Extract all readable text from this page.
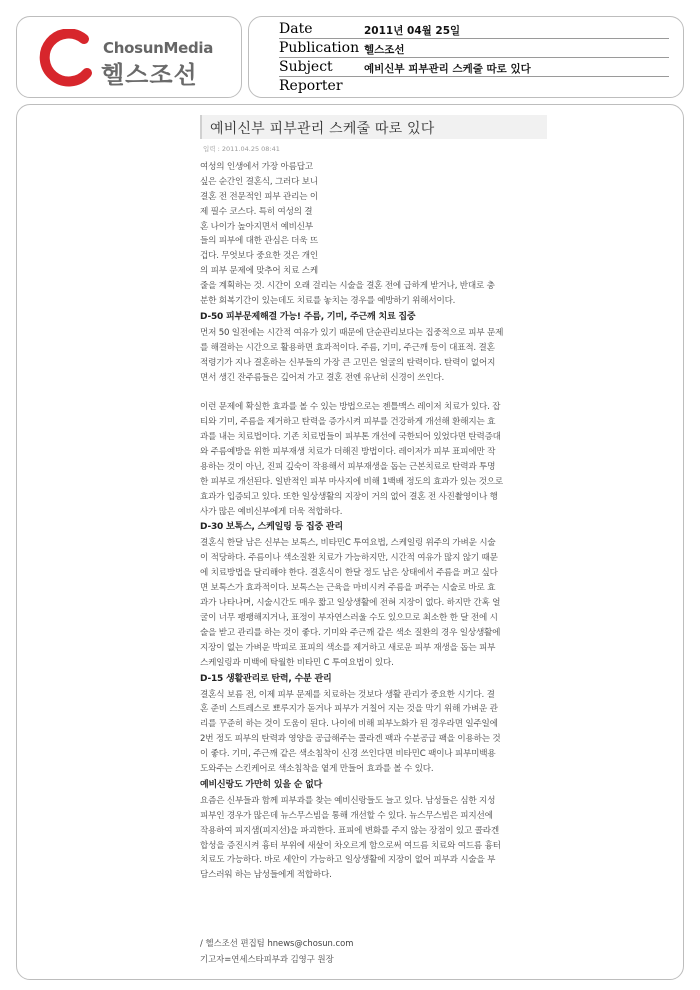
ChosunMedia
헬스조선
Date	2011년 04월 25일
Publication 헬스조선
Subject	예비신부 피부관리 스케줄 따로 있다
Reporter
예비신부 피부관리 스케줄 따로 있다
입력 : 2011.04.25 08:41
여성의 인생에서 가장 아름답고
싶은 순간인 결혼식, 그러다 보니
결혼 전 전문적인 피부 관리는 이
제 필수 코스다. 특히 여성의 결
혼 나이가 높아지면서 예비신부
들의 피부에 대한 관심은 더욱 뜨
겁다. 무엇보다 중요한 것은 개인
의 피부 문제에 맞추어 치료 스케
줄을 계획하는 것. 시간이 오래 걸리는 시술을 결혼 전에 급하게 받거나, 반대로 충
분한 회복기간이 있는데도 치료를 놓치는 경우를 예방하기 위해서이다.
D-50 피부문제해결 가능! 주름, 기미, 주근깨 치료 집중
먼저 50 일전에는 시간적 여유가 있기 때문에 단순관리보다는 집중적으로 피부 문제
를 해결하는 시간으로 활용하면 효과적이다. 주름, 기미, 주근깨 등이 대표적. 결혼
적령기가 지나 결혼하는 신부들의 가장 큰 고민은 얼굴의 탄력이다. 탄력이 없어지
면서 생긴 잔주름들은 깊어져 가고 결혼 전엔 유난히 신경이 쓰인다.
이런 문제에 확실한 효과를 볼 수 있는 방법으로는 젠틀맥스 레이저 치료가 있다. 잡
티와 기미, 주름을 제거하고 탄력을 증가시켜 피부를 건강하게 개선해 환해지는 효
과를 내는 치료법이다. 기존 치료법들이 피부톤 개선에 국한되어 있었다면 탄력증대
와 주름예방을 위한 피부재생 치료가 더해진 방법이다. 레이저가 피부 표피에만 작
용하는 것이 아닌, 진피 깊숙이 작용해서 피부재생을 돕는 근본치료로 탄력과 투명
한 피부로 개선된다. 일반적인 피부 마사지에 비해 1백배 정도의 효과가 있는 것으로
효과가 입증되고 있다. 또한 일상생활의 지장이 거의 없어 결혼 전 사진촬영이나 행
사가 많은 예비신부에게 더욱 적합하다.
D-30 보톡스, 스케일링 등 집중 관리
결혼식 한달 남은 신부는 보톡스, 비타민C 투여요법, 스케일링 위주의 가벼운 시술
이 적당하다. 주름이나 색소질환 치료가 가능하지만, 시간적 여유가 많지 않기 때문
에 치료방법을 달리해야 한다. 결혼식이 한달 정도 남은 상태에서 주름을 펴고 싶다
면 보톡스가 효과적이다. 보톡스는 근육을 마비시켜 주름을 펴주는 시술로 바로 효
과가 나타나며, 시술시간도 매우 짧고 일상생활에 전혀 지장이 없다. 하지만 간혹 얼
굴이 너무 팽팽해지거나, 표정이 부자연스러울 수도 있으므로 최소한 한 달 전에 시
술을 받고 관리를 하는 것이 좋다. 기미와 주근깨 같은 색소 질환의 경우 일상생활에
지장이 없는 가벼운 박피로 표피의 색소를 제거하고 새로운 피부 재생을 돕는 피부
스케일링과 미백에 탁월한 비타민 C 투여요법이 있다.
D-15 생활관리로 탄력, 수분 관리
결혼식 보름 전, 이제 피부 문제를 치료하는 것보다 생활 관리가 중요한 시기다. 결
혼 준비 스트레스로 뾰루지가 돋거나 피부가 거칠어 지는 것을 막기 위해 가벼운 관
리를 꾸준히 하는 것이 도움이 된다. 나이에 비해 피부노화가 된 경우라면 일주일에
2번 정도 피부의 탄력과 영양을 공급해주는 콜라겐 팩과 수분공급 팩을 이용하는 것
이 좋다. 기미, 주근깨 같은 색소침착이 신경 쓰인다면 비타민C 팩이나 피부미백용
도와주는 스킨케어로 색소침착을 옅게 만들어 효과를 볼 수 있다.
예비신랑도 가만히 있을 순 없다
요즘은 신부들과 함께 피부과를 찾는 예비신랑들도 늘고 있다. 남성들은 심한 지성
피부인 경우가 많은데 뉴스무스빔을 통해 개선할 수 있다. 뉴스무스빔은 피지선에
작용하여 피지샘(피지선)을 파괴한다. 표피에 변화를 주지 않는 장점이 있고 콜라겐
합성을 증진시켜 흉터 부위에 새살이 차오르게 함으로써 여드름 치료와 여드름 흉터
치료도 가능하다. 바로 세안이 가능하고 일상생활에 지장이 없어 피부과 시술을 부
담스러워 하는 남성들에게 적합하다.
/ 헬스조선 편집팀 hnews@chosun.com
기고자=연세스타피부과 김영구 원장
